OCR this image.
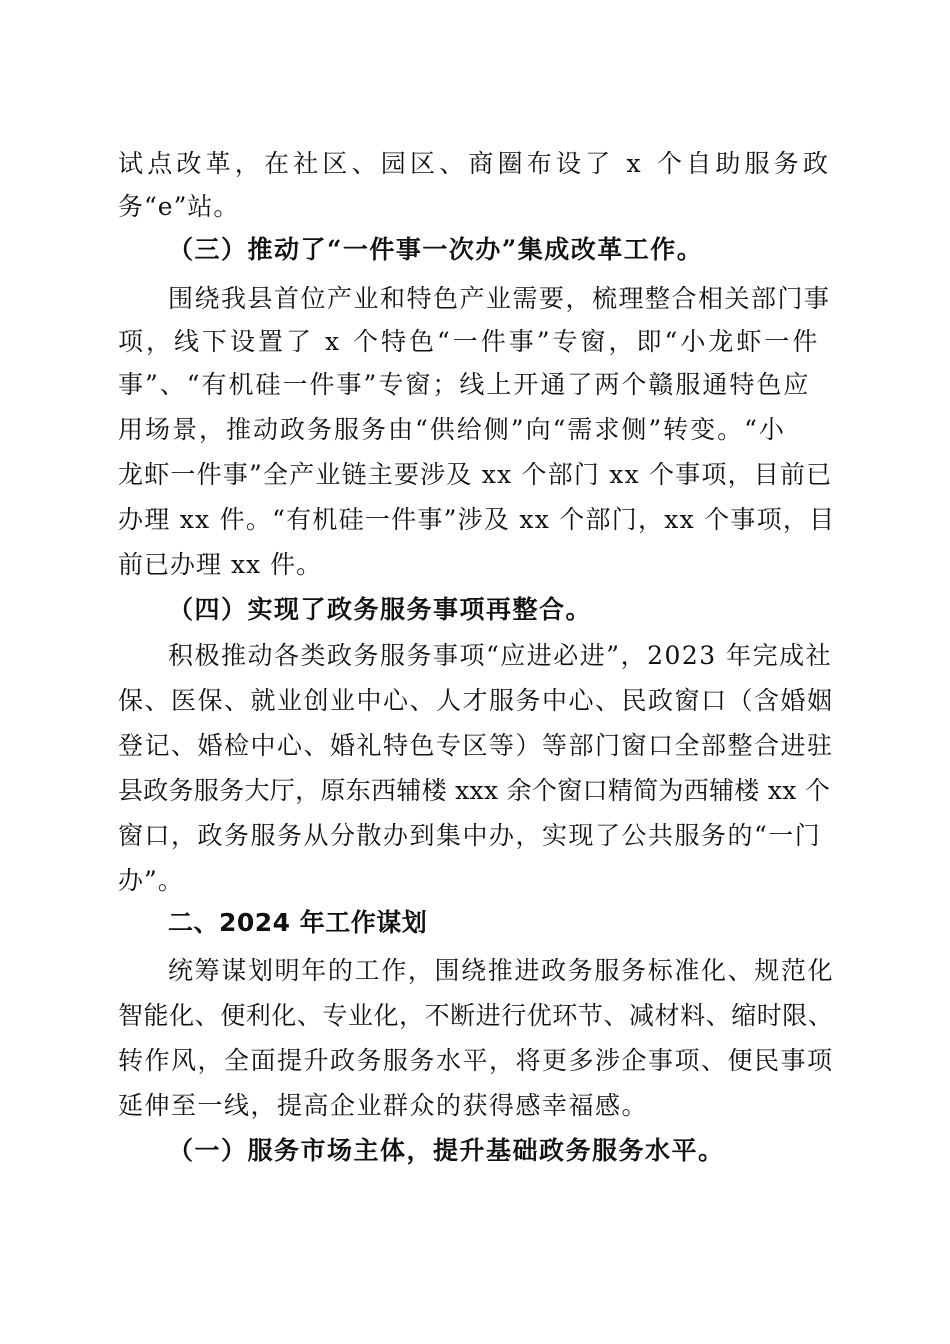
试点改革，在社区、园区、商圈布设了 x 个自助服务政

务“e”站。

（三）推动了“一件事一次办”集成改革工作。

围绕我县首位产业和特色产业需要，梳理整合相关部门事

项，线下设置了 x 个特色“一件事”专窗，即“小龙虾一件

事”、“有机硅一件事”专窗；线上开通了两个赣服通特色应

用场景，推动政务服务由“供给侧”向“需求侧”转变。“小

龙虾一件事”全产业链主要涉及 xx 个部门 xx 个事项，目前已

办理 xx 件。“有机硅一件事”涉及 xx 个部门，xx 个事项，目

前已办理 xx 件。

（四）实现了政务服务事项再整合。

积极推动各类政务服务事项“应进必进”，2023 年完成社

保、医保、就业创业中心、人才服务中心、民政窗口（含婚姻

登记、婚检中心、婚礼特色专区等）等部门窗口全部整合进驻

县政务服务大厅，原东西辅楼 xxx 余个窗口精简为西辅楼 xx 个

窗口，政务服务从分散办到集中办，实现了公共服务的“一门

办”。

二、2024 年工作谋划

统筹谋划明年的工作，围绕推进政务服务标准化、规范化

智能化、便利化、专业化，不断进行优环节、减材料、缩时限、

转作风，全面提升政务服务水平，将更多涉企事项、便民事项

延伸至一线，提高企业群众的获得感幸福感。

（一）服务市场主体，提升基础政务服务水平。
